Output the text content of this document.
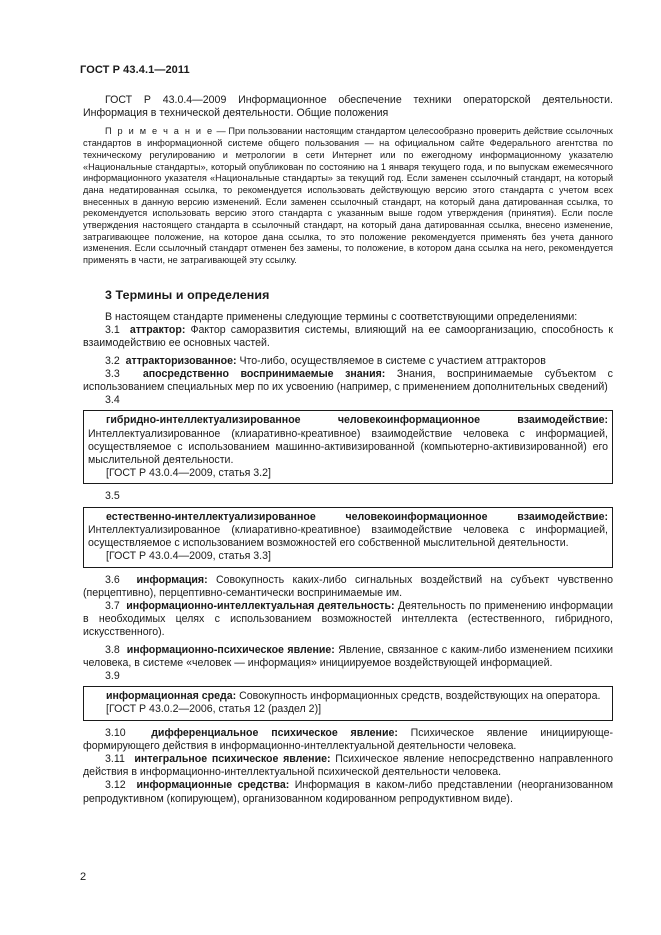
ГОСТ Р 43.4.1—2011

ГОСТ Р 43.0.4—2009 Информационное обеспечение техники операторской деятельности. Информация в технической деятельности. Общие положения

П р и м е ч а н и е — При пользовании настоящим стандартом целесообразно проверить действие ссылочных стандартов в информационной системе общего пользования — на официальном сайте Федерального агентства по техническому регулированию и метрологии в сети Интернет или по ежегодному информационному указателю «Национальные стандарты», который опубликован по состоянию на 1 января текущего года, и по выпускам ежемесячного информационного указателя «Национальные стандарты» за текущий год. Если заменен ссылочный стандарт, на который дана недатированная ссылка, то рекомендуется использовать действующую версию этого стандарта с учетом всех внесенных в данную версию изменений. Если заменен ссылочный стандарт, на который дана датированная ссылка, то рекомендуется использовать версию этого стандарта с указанным выше годом утверждения (принятия). Если после утверждения настоящего стандарта в ссылочный стандарт, на который дана датированная ссылка, внесено изменение, затрагивающее положение, на которое дана ссылка, то это положение рекомендуется применять без учета данного изменения. Если ссылочный стандарт отменен без замены, то положение, в котором дана ссылка на него, рекомендуется применять в части, не затрагивающей эту ссылку.

3 Термины и определения

В настоящем стандарте применены следующие термины с соответствующими определениями:

3.1 аттрактор: Фактор саморазвития системы, влияющий на ее самоорганизацию, способность к взаимодействию ее основных частей.

3.2 аттракторизованное: Что-либо, осуществляемое в системе с участием аттракторов

3.3 апосредственно воспринимаемые знания: Знания, воспринимаемые субъектом с использованием специальных мер по их усвоению (например, с применением дополнительных сведений)

3.4

гибридно-интеллектуализированное человекоинформационное взаимодействие: Интеллектуализированное (клиаративно-креативное) взаимодействие человека с информацией, осуществляемое с использованием машинно-активизированной (компьютерно-активизированной) его мыслительной деятельности.

[ГОСТ Р 43.0.4—2009, статья 3.2]

3.5

естественно-интеллектуализированное человекоинформационное взаимодействие: Интеллектуализированное (клиаративно-креативное) взаимодействие человека с информацией, осуществляемое с использованием возможностей его собственной мыслительной деятельности.

[ГОСТ Р 43.0.4—2009, статья 3.3]

3.6 информация: Совокупность каких-либо сигнальных воздействий на субъект чувственно (перцептивно), перцептивно-семантически воспринимаемые им.

3.7 информационно-интеллектуальная деятельность: Деятельность по применению информации в необходимых целях с использованием возможностей интеллекта (естественного, гибридного, искусственного).

3.8 информационно-психическое явление: Явление, связанное с каким-либо изменением психики человека, в системе «человек — информация» инициируемое воздействующей информацией.

3.9

информационная среда: Совокупность информационных средств, воздействующих на оператора.

[ГОСТ Р 43.0.2—2006, статья 12 (раздел 2)]

3.10 дифференциальное психическое явление: Психическое явление инициирующе-формирующего действия в информационно-интеллектуальной деятельности человека.

3.11 интегральное психическое явление: Психическое явление непосредственно направленного действия в информационно-интеллектуальной психической деятельности человека.

3.12 информационные средства: Информация в каком-либо представлении (неорганизованном репродуктивном (копирующем), организованном кодированном репродуктивном виде).

2
